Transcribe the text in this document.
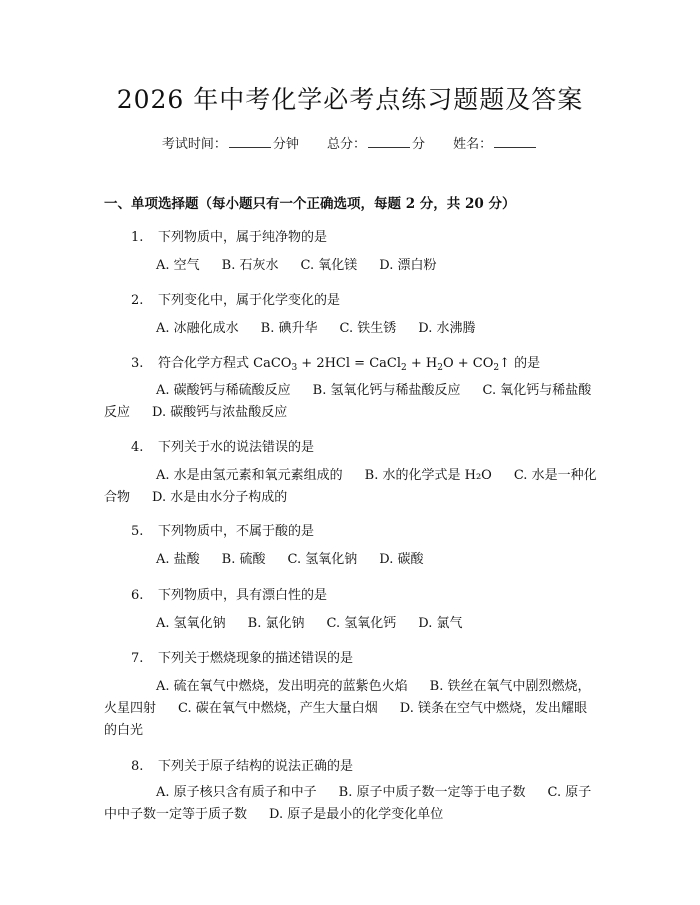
2026 年中考化学必考点练习题题及答案
考试时间：	分钟 总分：	分 姓名：
一、单项选择题（每小题只有一个正确选项，每题 2 分，共 20 分）
1. 下列物质中，属于纯净物的是
A. 空气 B. 石灰水 C. 氧化镁 D. 漂白粉
2. 下列变化中，属于化学变化的是
A. 冰融化成水 B. 碘升华 C. 铁生锈 D. 水沸腾
3. 符合化学方程式 CaCO$_3$ + 2HCl = CaCl$_2$ + $H_2O$ + $CO_2↑$ 的是
A. 碳酸钙与稀硫酸反应 B. 氢氧化钙与稀盐酸反应 C. 氧化钙与稀盐酸反应 D. 碳酸钙与浓盐酸反应
4. 下列关于水的说法错误的是
A. 水是由氢元素和氧元素组成的 B. 水的化学式是 H₂O C. 水是一种化合物 D. 水是由水分子构成的
5. 下列物质中，不属于酸的是
A. 盐酸 B. 硫酸 C. 氢氧化钠 D. 碳酸
6. 下列物质中，具有漂白性的是
A. 氢氧化钠 B. 氯化钠 C. 氢氧化钙 D. 氯气
7. 下列关于燃烧现象的描述错误的是
A. 硫在氧气中燃烧，发出明亮的蓝紫色火焰 B. 铁丝在氧气中剧烈燃烧，火星四射 C. 碳在氧气中燃烧，产生大量白烟 D. 镁条在空气中燃烧，发出耀眼的白光
8. 下列关于原子结构的说法正确的是
A. 原子核只含有质子和中子 B. 原子中质子数一定等于电子数 C. 原子中中子数一定等于质子数 D. 原子是最小的化学变化单位
